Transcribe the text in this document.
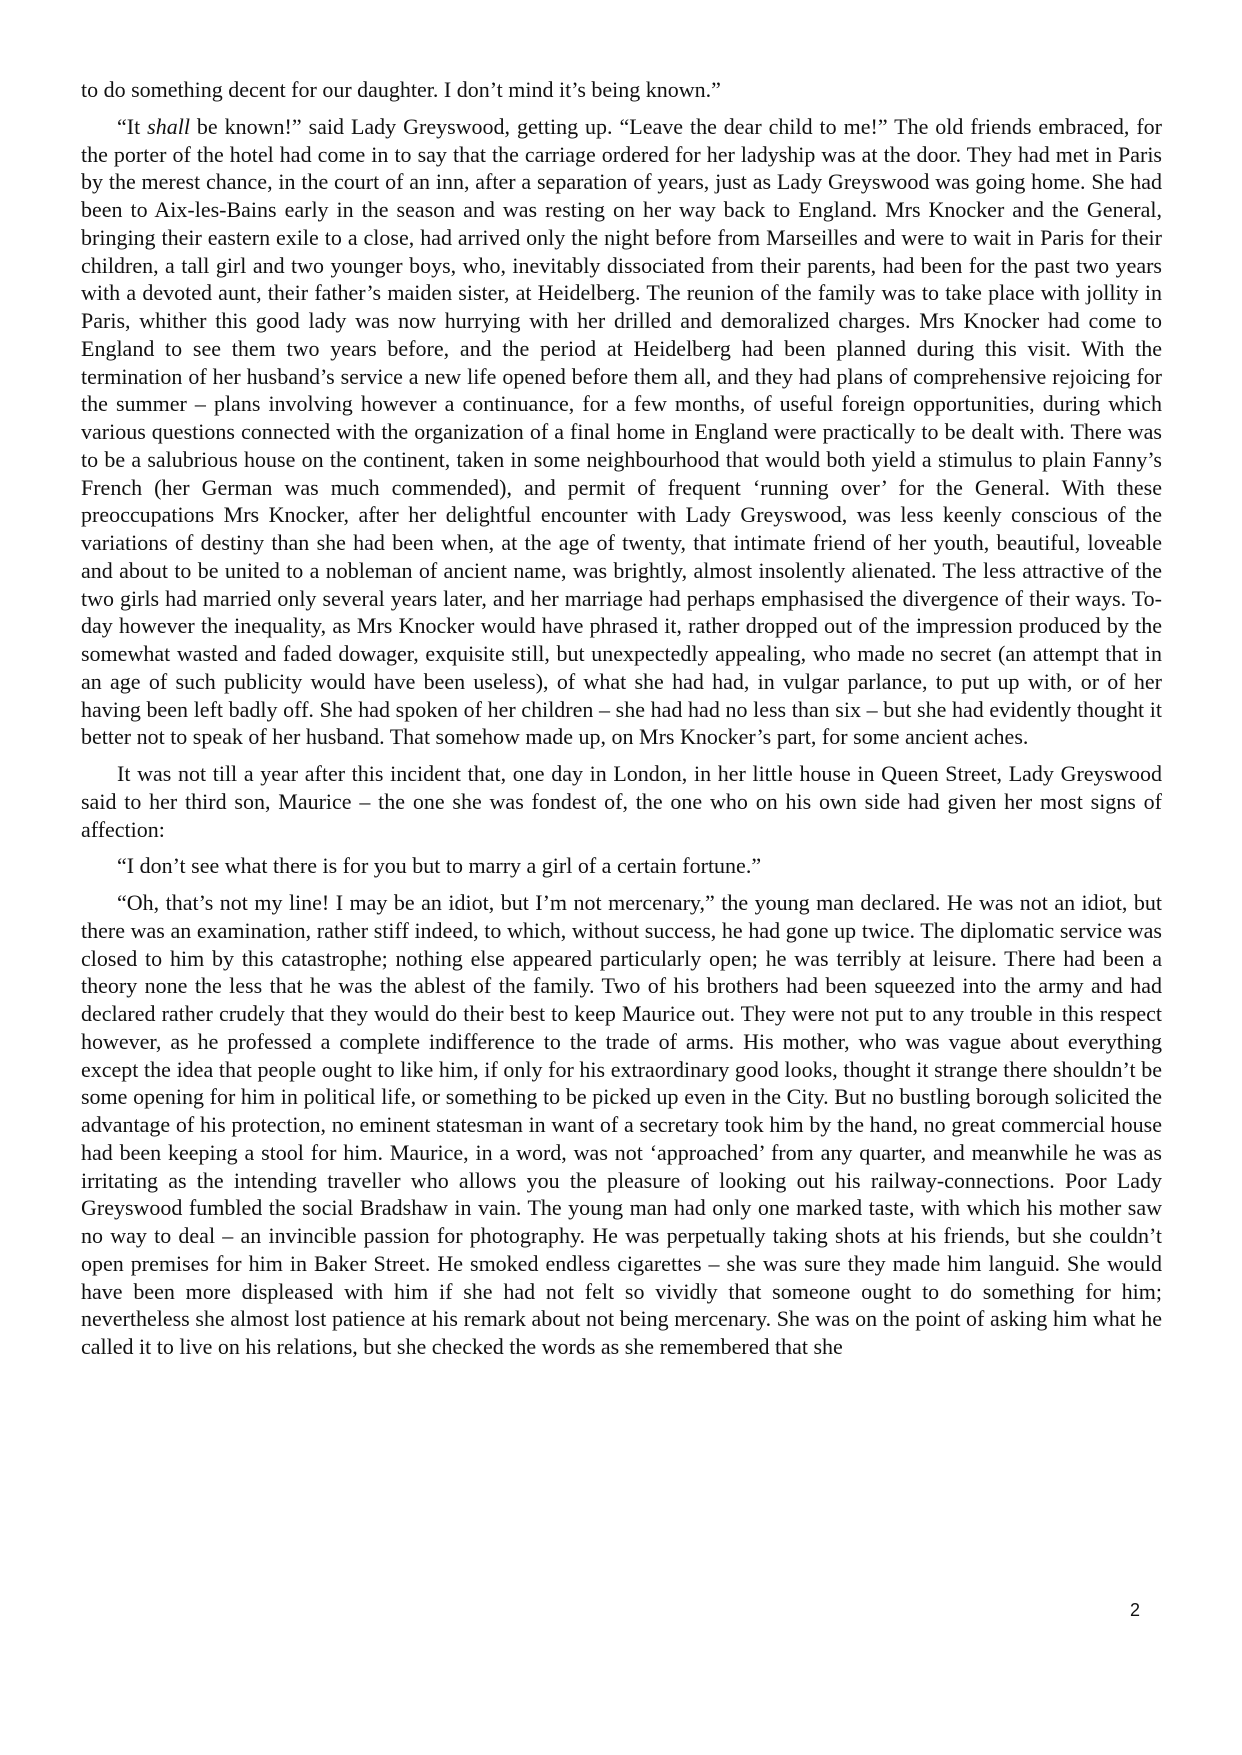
to do something decent for our daughter. I don’t mind it’s being known.”

“It shall be known!” said Lady Greyswood, getting up. “Leave the dear child to me!” The old friends embraced, for the porter of the hotel had come in to say that the carriage ordered for her ladyship was at the door. They had met in Paris by the merest chance, in the court of an inn, after a separation of years, just as Lady Greyswood was going home. She had been to Aix-les-Bains early in the season and was resting on her way back to England. Mrs Knocker and the General, bringing their eastern exile to a close, had arrived only the night before from Marseilles and were to wait in Paris for their children, a tall girl and two younger boys, who, inevitably dissociated from their parents, had been for the past two years with a devoted aunt, their father’s maiden sister, at Heidelberg. The reunion of the family was to take place with jollity in Paris, whither this good lady was now hurrying with her drilled and demoralized charges. Mrs Knocker had come to England to see them two years before, and the period at Heidelberg had been planned during this visit. With the termination of her husband’s service a new life opened before them all, and they had plans of comprehensive rejoicing for the summer – plans involving however a continuance, for a few months, of useful foreign opportunities, during which various questions connected with the organization of a final home in England were practically to be dealt with. There was to be a salubrious house on the continent, taken in some neighbourhood that would both yield a stimulus to plain Fanny’s French (her German was much commended), and permit of frequent ‘running over’ for the General. With these preoccupations Mrs Knocker, after her delightful encounter with Lady Greyswood, was less keenly conscious of the variations of destiny than she had been when, at the age of twenty, that intimate friend of her youth, beautiful, loveable and about to be united to a nobleman of ancient name, was brightly, almost insolently alienated. The less attractive of the two girls had married only several years later, and her marriage had perhaps emphasised the divergence of their ways. To-day however the inequality, as Mrs Knocker would have phrased it, rather dropped out of the impression produced by the somewhat wasted and faded dowager, exquisite still, but unexpectedly appealing, who made no secret (an attempt that in an age of such publicity would have been useless), of what she had had, in vulgar parlance, to put up with, or of her having been left badly off. She had spoken of her children – she had had no less than six – but she had evidently thought it better not to speak of her husband. That somehow made up, on Mrs Knocker’s part, for some ancient aches.

It was not till a year after this incident that, one day in London, in her little house in Queen Street, Lady Greyswood said to her third son, Maurice – the one she was fondest of, the one who on his own side had given her most signs of affection:

“I don’t see what there is for you but to marry a girl of a certain fortune.”

“Oh, that’s not my line! I may be an idiot, but I’m not mercenary,” the young man declared. He was not an idiot, but there was an examination, rather stiff indeed, to which, without success, he had gone up twice. The diplomatic service was closed to him by this catastrophe; nothing else appeared particularly open; he was terribly at leisure. There had been a theory none the less that he was the ablest of the family. Two of his brothers had been squeezed into the army and had declared rather crudely that they would do their best to keep Maurice out. They were not put to any trouble in this respect however, as he professed a complete indifference to the trade of arms. His mother, who was vague about everything except the idea that people ought to like him, if only for his extraordinary good looks, thought it strange there shouldn’t be some opening for him in political life, or something to be picked up even in the City. But no bustling borough solicited the advantage of his protection, no eminent statesman in want of a secretary took him by the hand, no great commercial house had been keeping a stool for him. Maurice, in a word, was not ‘approached’ from any quarter, and meanwhile he was as irritating as the intending traveller who allows you the pleasure of looking out his railway-connections. Poor Lady Greyswood fumbled the social Bradshaw in vain. The young man had only one marked taste, with which his mother saw no way to deal – an invincible passion for photography. He was perpetually taking shots at his friends, but she couldn’t open premises for him in Baker Street. He smoked endless cigarettes – she was sure they made him languid. She would have been more displeased with him if she had not felt so vividly that someone ought to do something for him; nevertheless she almost lost patience at his remark about not being mercenary. She was on the point of asking him what he called it to live on his relations, but she checked the words as she remembered that she

2
